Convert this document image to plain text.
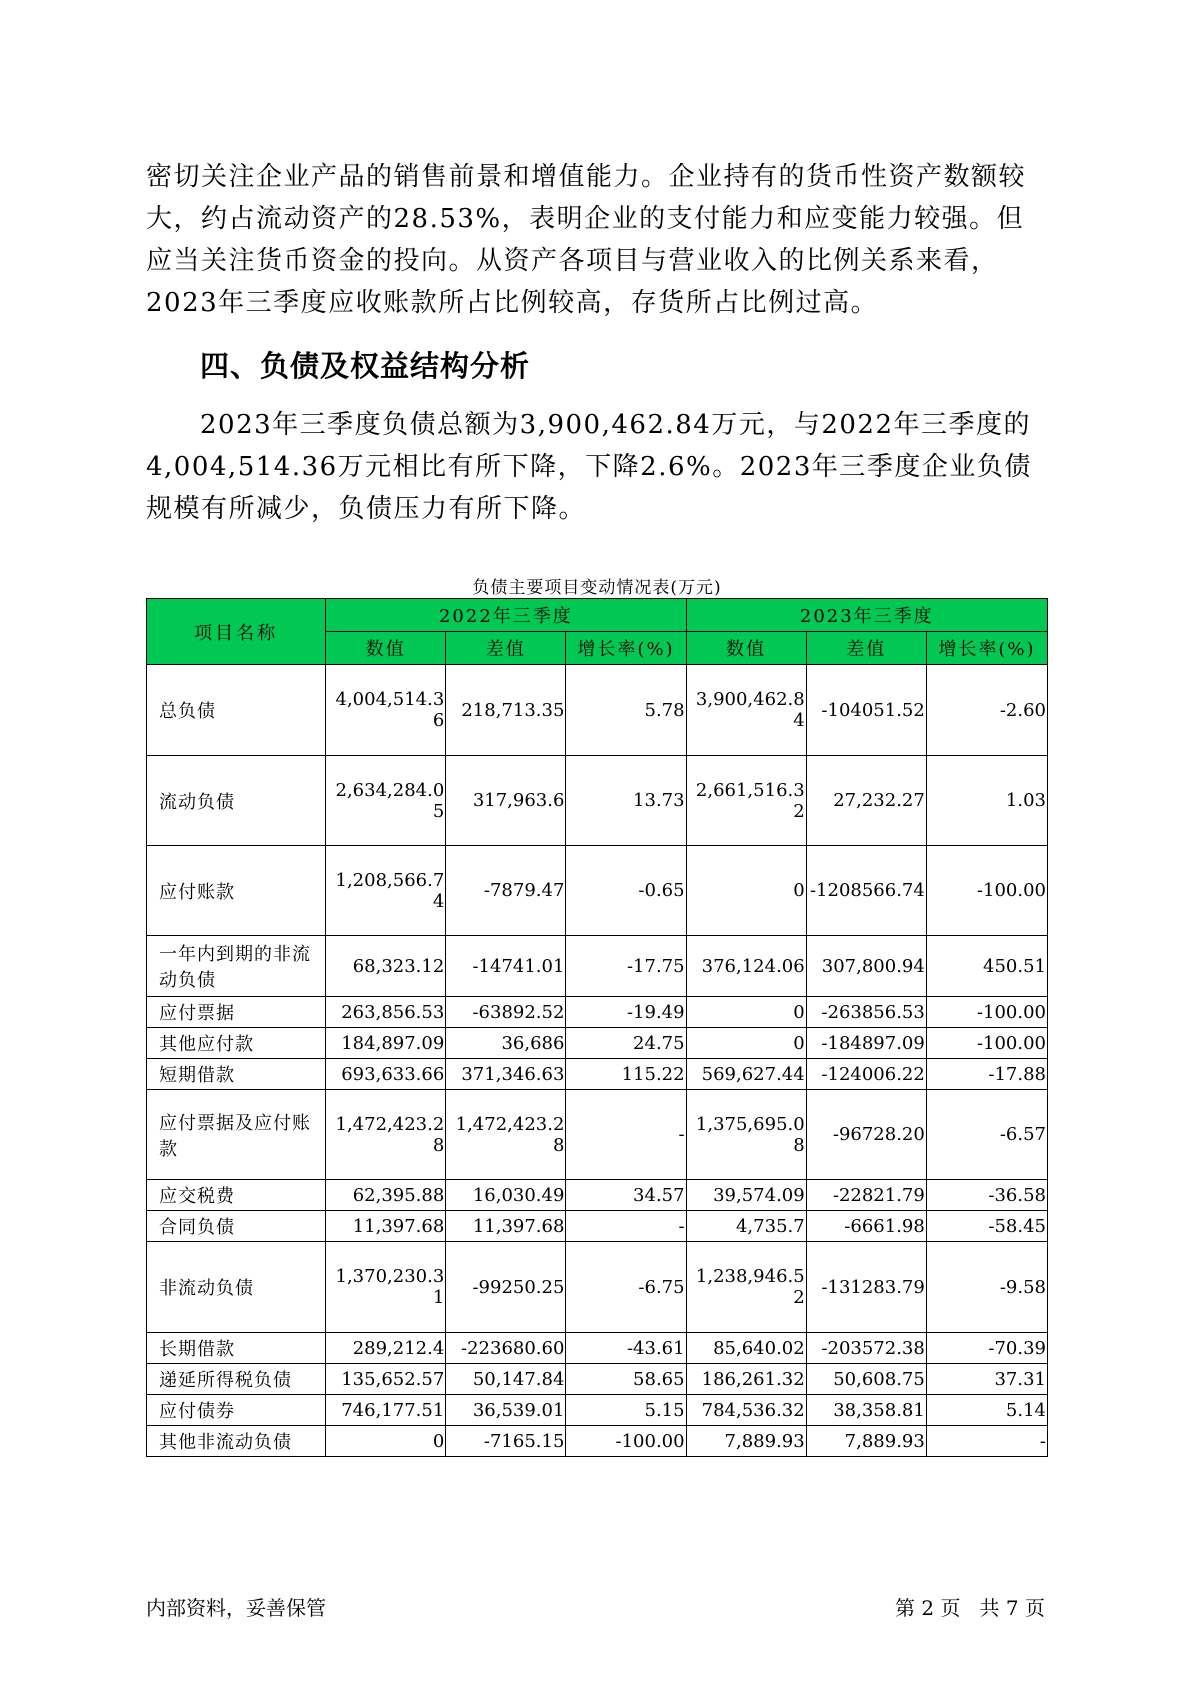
密切关注企业产品的销售前景和增值能力。企业持有的货币性资产数额较大，约占流动资产的28.53%，表明企业的支付能力和应变能力较强。但应当关注货币资金的投向。从资产各项目与营业收入的比例关系来看，2023年三季度应收账款所占比例较高，存货所占比例过高。

四、负债及权益结构分析

2023年三季度负债总额为3,900,462.84万元，与2022年三季度的4,004,514.36万元相比有所下降，下降2.6%。2023年三季度企业负债规模有所减少，负债压力有所下降。

负债主要项目变动情况表(万元)
项目名称	2022年三季度			2023年三季度		
	数值	差值	增长率(%)	数值	差值	增长率(%)
总负债	4,004,514.36	218,713.35	5.78	3,900,462.84	-104051.52	-2.60
流动负债	2,634,284.05	317,963.6	13.73	2,661,516.32	27,232.27	1.03
应付账款	1,208,566.74	-7879.47	-0.65	0	-1208566.74	-100.00
一年内到期的非流动负债	68,323.12	-14741.01	-17.75	376,124.06	307,800.94	450.51
应付票据	263,856.53	-63892.52	-19.49	0	-263856.53	-100.00
其他应付款	184,897.09	36,686	24.75	0	-184897.09	-100.00
短期借款	693,633.66	371,346.63	115.22	569,627.44	-124006.22	-17.88
应付票据及应付账款	1,472,423.28	1,472,423.28	-	1,375,695.08	-96728.20	-6.57
应交税费	62,395.88	16,030.49	34.57	39,574.09	-22821.79	-36.58
合同负债	11,397.68	11,397.68	-	4,735.7	-6661.98	-58.45
非流动负债	1,370,230.31	-99250.25	-6.75	1,238,946.52	-131283.79	-9.58
长期借款	289,212.4	-223680.60	-43.61	85,640.02	-203572.38	-70.39
递延所得税负债	135,652.57	50,147.84	58.65	186,261.32	50,608.75	37.31
应付债券	746,177.51	36,539.01	5.15	784,536.32	38,358.81	5.14
其他非流动负债	0	-7165.15	-100.00	7,889.93	7,889.93	-
内部资料，妥善保管	第 2 页   共 7 页
